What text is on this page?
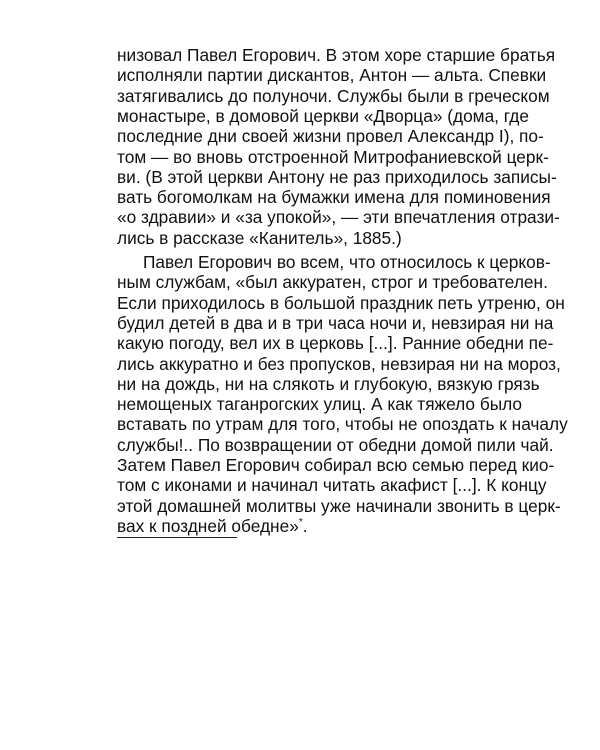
низовал Павел Егорович. В этом хоре старшие братья
исполняли партии дискантов, Антон — альта. Спевки
затягивались до полуночи. Службы были в греческом
монастыре, в домовой церкви «Дворца» (дома, где
последние дни своей жизни провел Александр I), по-
том — во вновь отстроенной Митрофаниевской церк-
ви. (В этой церкви Антону не раз приходилось записы-
вать богомолкам на бумажки имена для поминовения
«о здравии» и «за упокой», — эти впечатления отрази-
лись в рассказе «Канитель», 1885.)
Павел Егорович во всем, что относилось к церков-
ным службам, «был аккуратен, строг и требователен.
Если приходилось в большой праздник петь утреню, он
будил детей в два и в три часа ночи и, невзирая ни на
какую погоду, вел их в церковь [...]. Ранние обедни пе-
лись аккуратно и без пропусков, невзирая ни на мороз,
ни на дождь, ни на слякоть и глубокую, вязкую грязь
немощеных таганрогских улиц. А как тяжело было
вставать по утрам для того, чтобы не опоздать к началу
службы!.. По возвращении от обедни домой пили чай.
Затем Павел Егорович собирал всю семью перед кио-
том с иконами и начинал читать акафист [...]. К концу
этой домашней молитвы уже начинали звонить в церк-
вах к поздней обедне»*.
